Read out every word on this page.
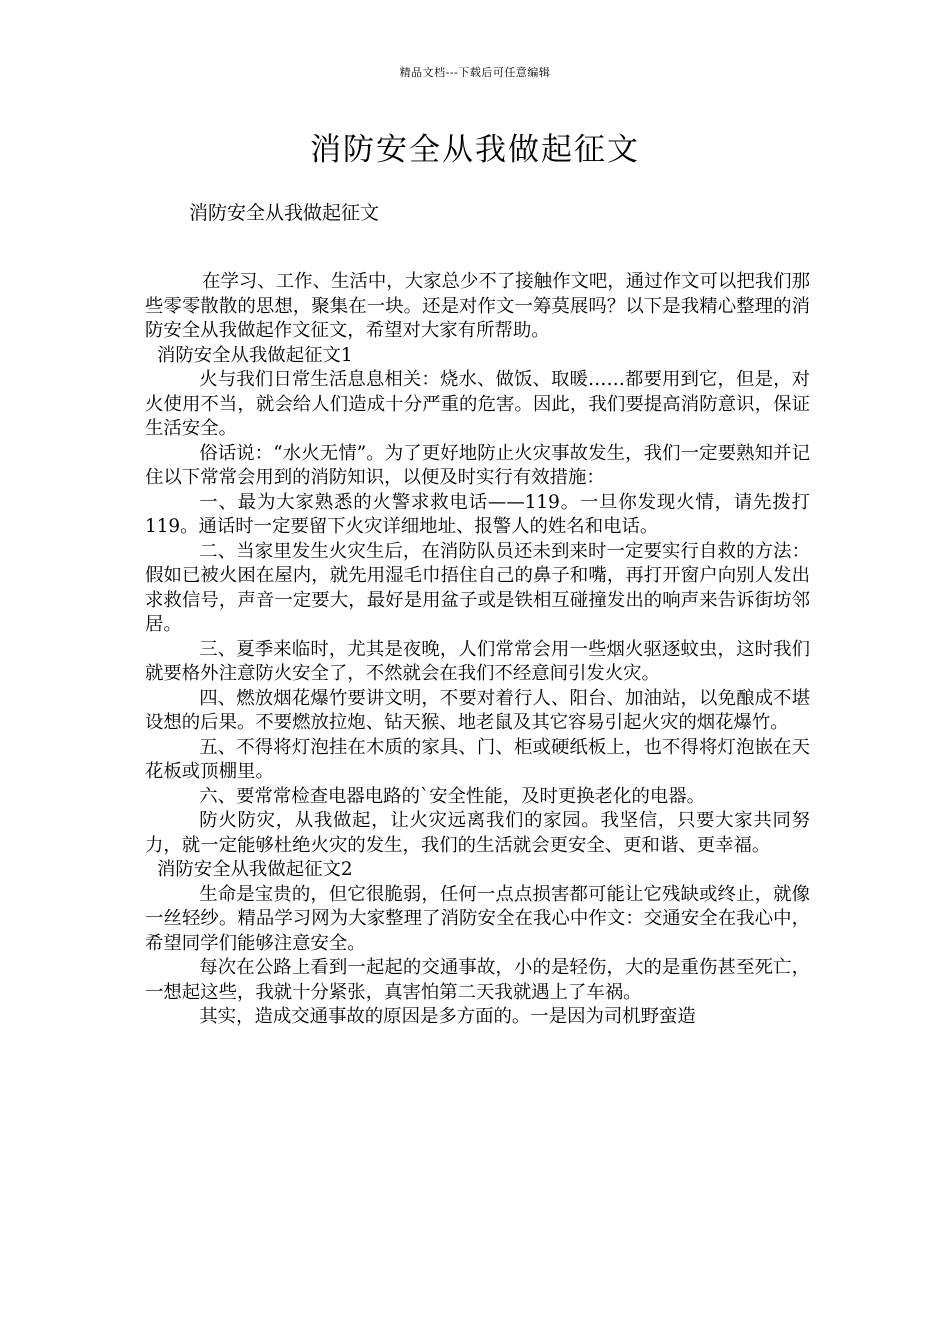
精品文档---下载后可任意编辑
消防安全从我做起征文
消防安全从我做起征文

在学习、工作、生活中，大家总少不了接触作文吧，通过作文可以把我们那些零零散散的思想，聚集在一块。还是对作文一筹莫展吗？以下是我精心整理的消防安全从我做起作文征文，希望对大家有所帮助。

消防安全从我做起征文1

火与我们日常生活息息相关：烧水、做饭、取暖……都要用到它，但是，对火使用不当，就会给人们造成十分严重的危害。因此，我们要提高消防意识，保证生活安全。

俗话说：“水火无情”。为了更好地防止火灾事故发生，我们一定要熟知并记住以下常常会用到的消防知识，以便及时实行有效措施：

一、最为大家熟悉的火警求救电话——119。一旦你发现火情，请先拨打119。通话时一定要留下火灾详细地址、报警人的姓名和电话。

二、当家里发生火灾生后，在消防队员还未到来时一定要实行自救的方法：假如已被火困在屋内，就先用湿毛巾捂住自己的鼻子和嘴，再打开窗户向别人发出求救信号，声音一定要大，最好是用盆子或是铁相互碰撞发出的响声来告诉街坊邻居。

三、夏季来临时，尤其是夜晚，人们常常会用一些烟火驱逐蚊虫，这时我们就要格外注意防火安全了，不然就会在我们不经意间引发火灾。

四、燃放烟花爆竹要讲文明，不要对着行人、阳台、加油站，以免酿成不堪设想的后果。不要燃放拉炮、钻天猴、地老鼠及其它容易引起火灾的烟花爆竹。

五、不得将灯泡挂在木质的家具、门、柜或硬纸板上，也不得将灯泡嵌在天花板或顶棚里。

六、要常常检查电器电路的`安全性能，及时更换老化的电器。

防火防灾，从我做起，让火灾远离我们的家园。我坚信，只要大家共同努力，就一定能够杜绝火灾的发生，我们的生活就会更安全、更和谐、更幸福。

消防安全从我做起征文2

生命是宝贵的，但它很脆弱，任何一点点损害都可能让它残缺或终止，就像一丝轻纱。精品学习网为大家整理了消防安全在我心中作文：交通安全在我心中，希望同学们能够注意安全。

每次在公路上看到一起起的交通事故，小的是轻伤，大的是重伤甚至死亡，一想起这些，我就十分紧张，真害怕第二天我就遇上了车祸。

其实，造成交通事故的原因是多方面的。一是因为司机野蛮造
